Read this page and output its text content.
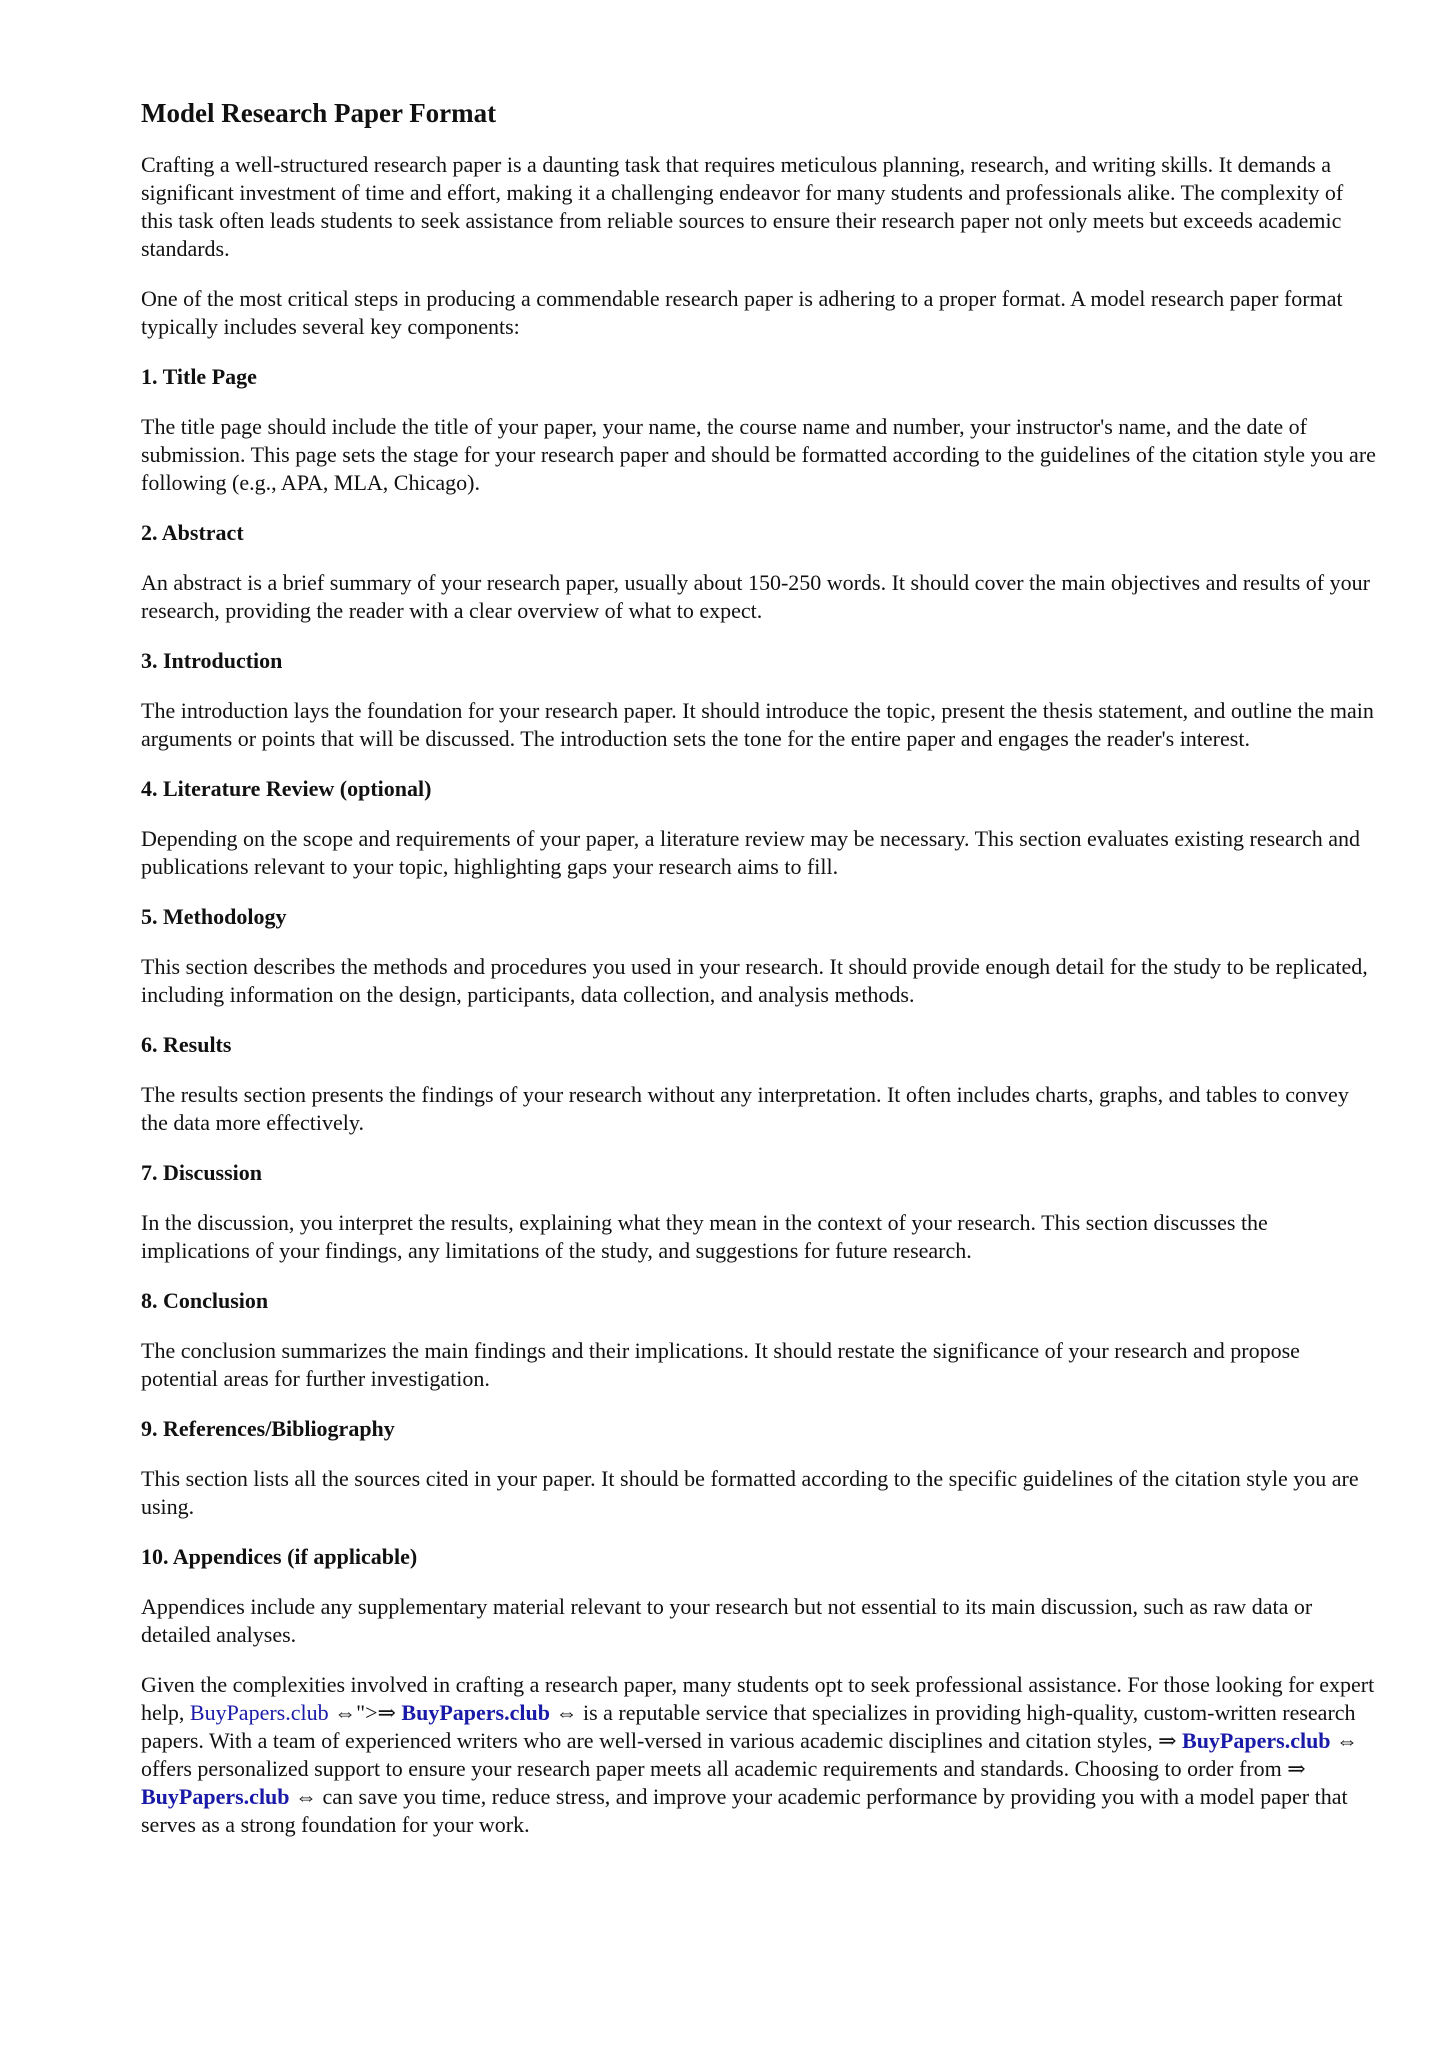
Model Research Paper Format

Crafting a well-structured research paper is a daunting task that requires meticulous planning, research, and writing skills. It demands a significant investment of time and effort, making it a challenging endeavor for many students and professionals alike. The complexity of this task often leads students to seek assistance from reliable sources to ensure their research paper not only meets but exceeds academic standards.

One of the most critical steps in producing a commendable research paper is adhering to a proper format. A model research paper format typically includes several key components:

1. Title Page

The title page should include the title of your paper, your name, the course name and number, your instructor's name, and the date of submission. This page sets the stage for your research paper and should be formatted according to the guidelines of the citation style you are following (e.g., APA, MLA, Chicago).

2. Abstract

An abstract is a brief summary of your research paper, usually about 150-250 words. It should cover the main objectives and results of your research, providing the reader with a clear overview of what to expect.

3. Introduction

The introduction lays the foundation for your research paper. It should introduce the topic, present the thesis statement, and outline the main arguments or points that will be discussed. The introduction sets the tone for the entire paper and engages the reader's interest.

4. Literature Review (optional)

Depending on the scope and requirements of your paper, a literature review may be necessary. This section evaluates existing research and publications relevant to your topic, highlighting gaps your research aims to fill.

5. Methodology

This section describes the methods and procedures you used in your research. It should provide enough detail for the study to be replicated, including information on the design, participants, data collection, and analysis methods.

6. Results

The results section presents the findings of your research without any interpretation. It often includes charts, graphs, and tables to convey the data more effectively.

7. Discussion

In the discussion, you interpret the results, explaining what they mean in the context of your research. This section discusses the implications of your findings, any limitations of the study, and suggestions for future research.

8. Conclusion

The conclusion summarizes the main findings and their implications. It should restate the significance of your research and propose potential areas for further investigation.

9. References/Bibliography

This section lists all the sources cited in your paper. It should be formatted according to the specific guidelines of the citation style you are using.

10. Appendices (if applicable)

Appendices include any supplementary material relevant to your research but not essential to its main discussion, such as raw data or detailed analyses.

Given the complexities involved in crafting a research paper, many students opt to seek professional assistance. For those looking for expert help, BuyPapers.club ⇔">⇒ BuyPapers.club ⇔ is a reputable service that specializes in providing high-quality, custom-written research papers. With a team of experienced writers who are well-versed in various academic disciplines and citation styles, ⇒ BuyPapers.club ⇔ offers personalized support to ensure your research paper meets all academic requirements and standards. Choosing to order from ⇒ BuyPapers.club ⇔ can save you time, reduce stress, and improve your academic performance by providing you with a model paper that serves as a strong foundation for your work.
